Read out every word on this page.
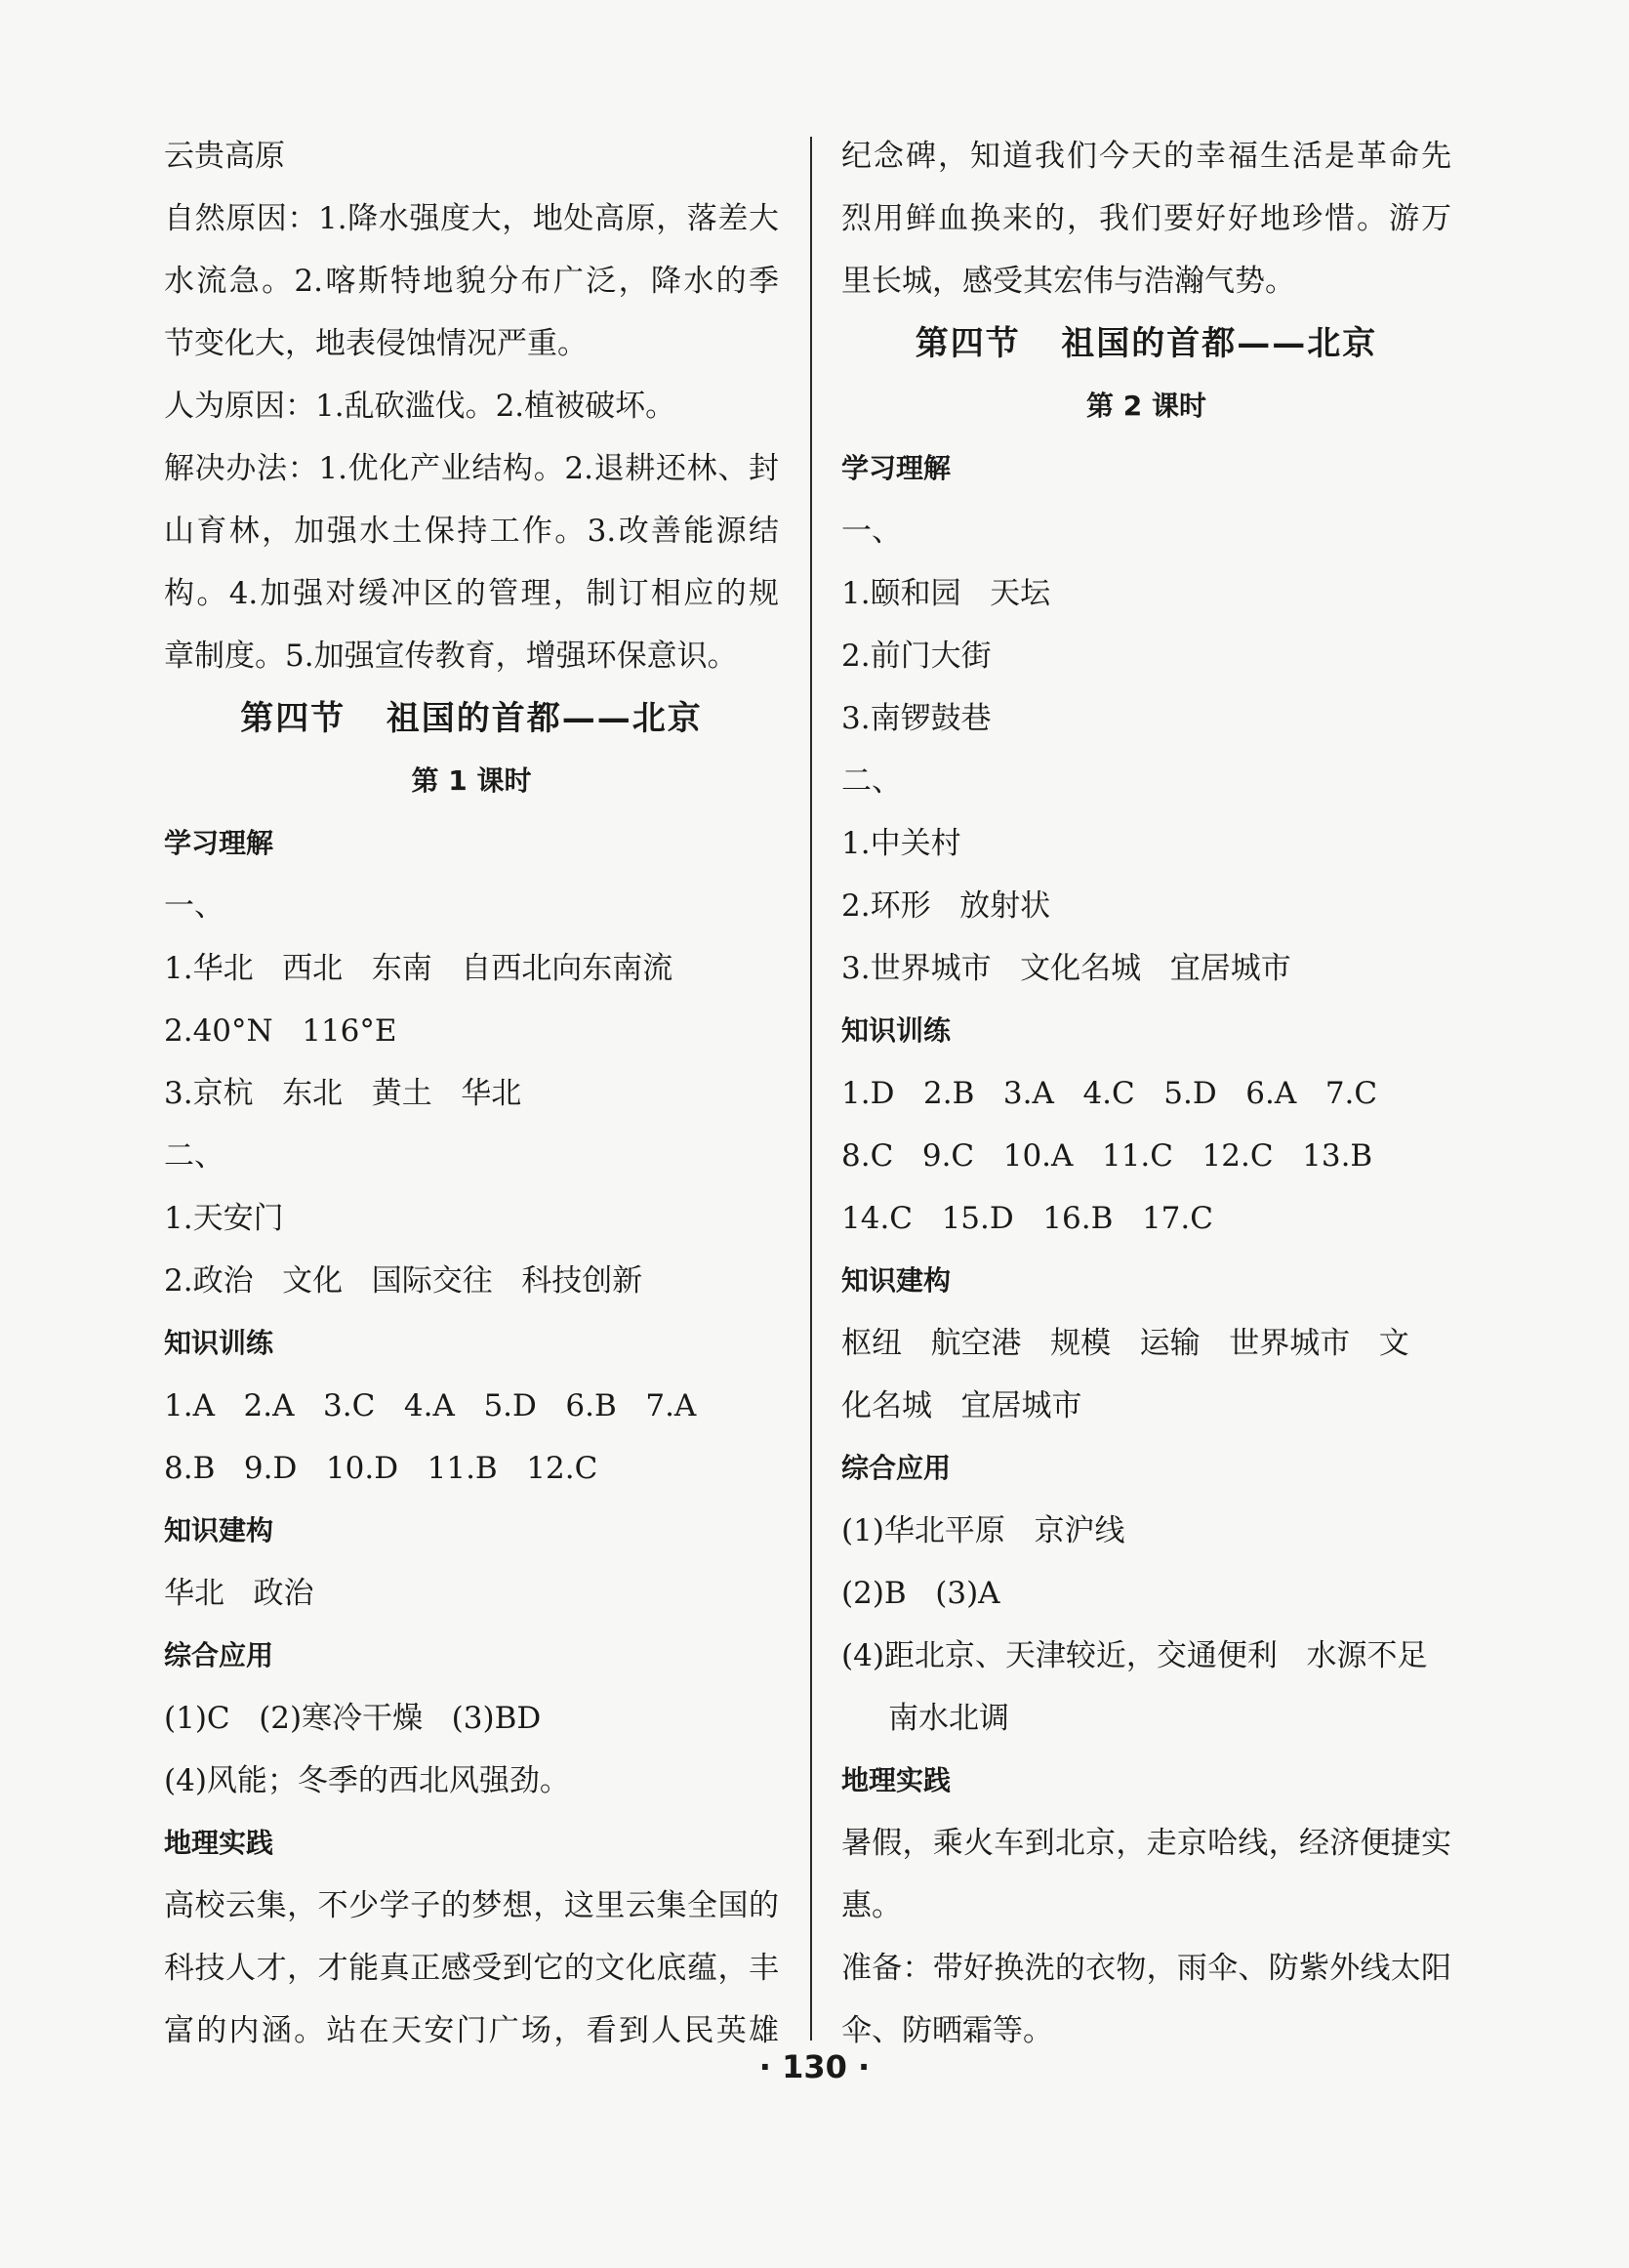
云贵高原

自然原因：1.降水强度大，地处高原，落差大

水流急。2.喀斯特地貌分布广泛，降水的季

节变化大，地表侵蚀情况严重。

人为原因：1.乱砍滥伐。2.植被破坏。

解决办法：1.优化产业结构。2.退耕还林、封

山育林，加强水土保持工作。3.改善能源结

构。4.加强对缓冲区的管理，制订相应的规

章制度。5.加强宣传教育，增强环保意识。

第四节   祖国的首都——北京

第 1 课时

学习理解

一、

1.华北   西北   东南   自西北向东南流

2.40°N   116°E

3.京杭   东北   黄土   华北

二、

1.天安门

2.政治   文化   国际交往   科技创新

知识训练

1.A   2.A   3.C   4.A   5.D   6.B   7.A

8.B   9.D   10.D   11.B   12.C

知识建构

华北   政治

综合应用

(1)C   (2)寒冷干燥   (3)BD

(4)风能；冬季的西北风强劲。

地理实践

高校云集，不少学子的梦想，这里云集全国的

科技人才，才能真正感受到它的文化底蕴，丰

富的内涵。站在天安门广场，看到人民英雄

纪念碑，知道我们今天的幸福生活是革命先

烈用鲜血换来的，我们要好好地珍惜。游万

里长城，感受其宏伟与浩瀚气势。

第四节   祖国的首都——北京

第 2 课时

学习理解

一、

1.颐和园   天坛

2.前门大街

3.南锣鼓巷

二、

1.中关村

2.环形   放射状

3.世界城市   文化名城   宜居城市

知识训练

1.D   2.B   3.A   4.C   5.D   6.A   7.C

8.C   9.C   10.A   11.C   12.C   13.B

14.C   15.D   16.B   17.C

知识建构

枢纽   航空港   规模   运输   世界城市   文

化名城   宜居城市

综合应用

(1)华北平原   京沪线

(2)B   (3)A

(4)距北京、天津较近，交通便利   水源不足

南水北调

地理实践

暑假，乘火车到北京，走京哈线，经济便捷实

惠。

准备：带好换洗的衣物，雨伞、防紫外线太阳

伞、防晒霜等。

· 130 ·
